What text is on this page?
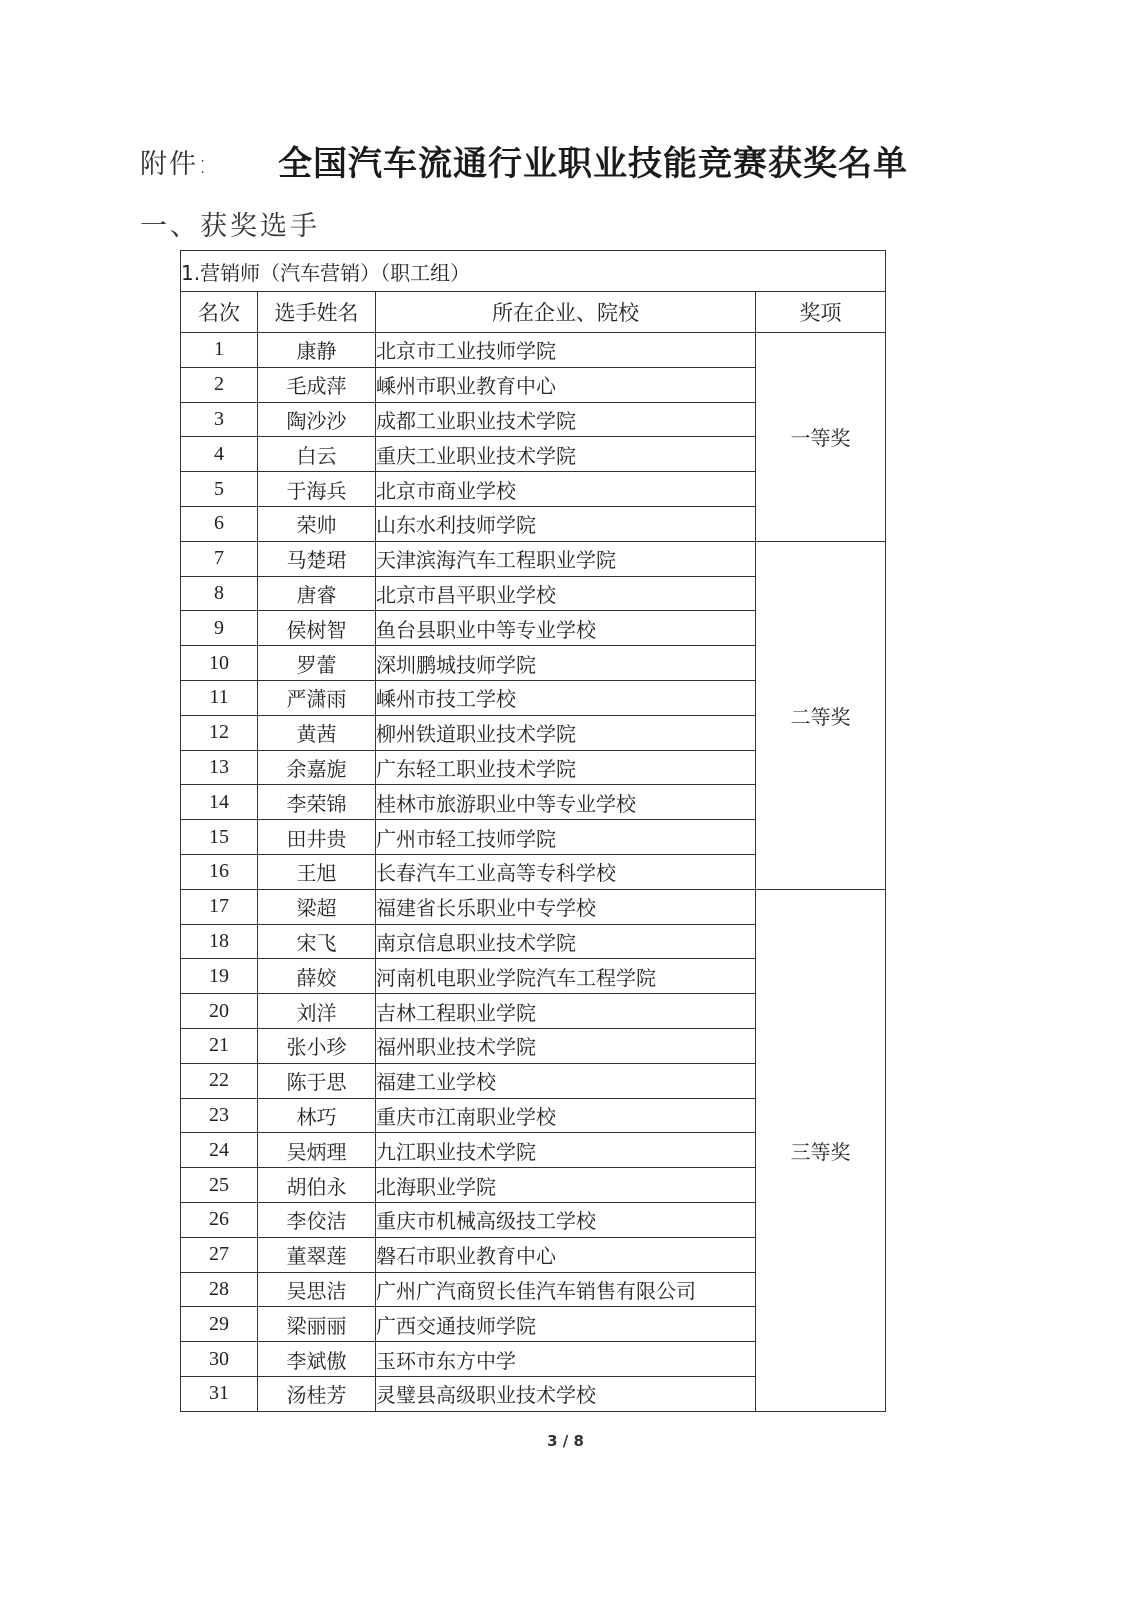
附件: 全国汽车流通行业职业技能竞赛获奖名单
一、获奖选手
1.营销师（汽车营销）（职工组）			
名次	选手姓名	所在企业、院校	奖项
1	康静	北京市工业技师学院	一等奖
2	毛成萍	嵊州市职业教育中心	
3	陶沙沙	成都工业职业技术学院	
4	白云	重庆工业职业技术学院	
5	于海兵	北京市商业学校	
6	荣帅	山东水利技师学院	
7	马楚珺	天津滨海汽车工程职业学院	二等奖
8	唐睿	北京市昌平职业学校	
9	侯树智	鱼台县职业中等专业学校	
10	罗蕾	深圳鹏城技师学院	
11	严潇雨	嵊州市技工学校	
12	黄茜	柳州铁道职业技术学院	
13	余嘉旎	广东轻工职业技术学院	
14	李荣锦	桂林市旅游职业中等专业学校	
15	田井贵	广州市轻工技师学院	
16	王旭	长春汽车工业高等专科学校	
17	梁超	福建省长乐职业中专学校	三等奖
18	宋飞	南京信息职业技术学院	
19	薛姣	河南机电职业学院汽车工程学院	
20	刘洋	吉林工程职业学院	
21	张小珍	福州职业技术学院	
22	陈于思	福建工业学校	
23	林巧	重庆市江南职业学校	
24	吴炳理	九江职业技术学院	
25	胡伯永	北海职业学院	
26	李佼洁	重庆市机械高级技工学校	
27	董翠莲	磐石市职业教育中心	
28	吴思洁	广州广汽商贸长佳汽车销售有限公司	
29	梁丽丽	广西交通技师学院	
30	李斌傲	玉环市东方中学	
31	汤桂芳	灵璧县高级职业技术学校	
3 / 8
